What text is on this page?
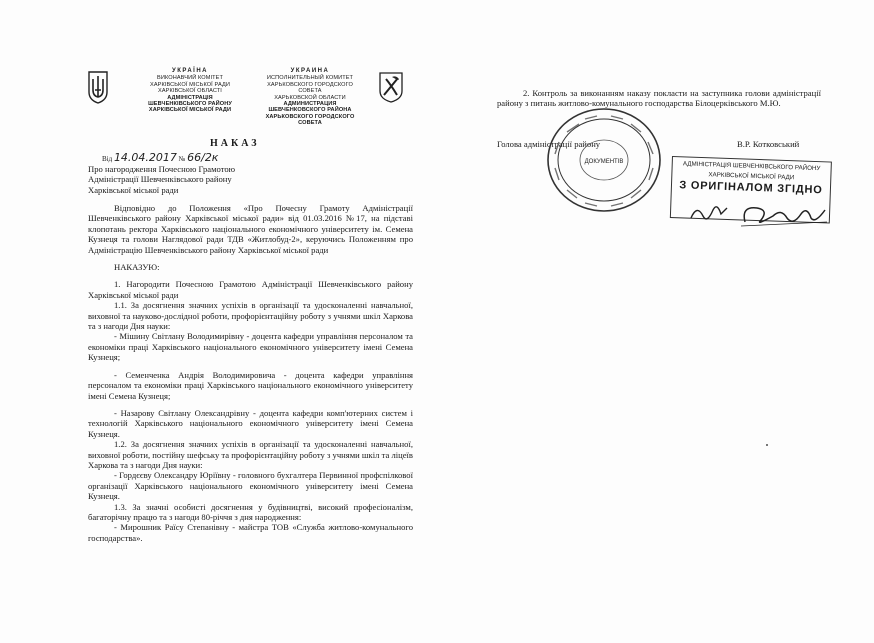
УКРАЇНА
ВИКОНАВЧИЙ КОМІТЕТ
ХАРКІВСЬКОЇ МІСЬКОЇ РАДИ
ХАРКІВСЬКОЇ ОБЛАСТІ
АДМІНІСТРАЦІЯ
ШЕВЧЕНКІВСЬКОГО РАЙОНУ
ХАРКІВСЬКОЇ МІСЬКОЇ РАДИ
УКРАИНА
ИСПОЛНИТЕЛЬНЫЙ КОМИТЕТ
ХАРЬКОВСКОГО ГОРОДСКОГО СОВЕТА
ХАРЬКОВСКОЙ ОБЛАСТИ
АДМИНИСТРАЦИЯ
ШЕВЧЕНКОВСКОГО РАЙОНА
ХАРЬКОВСКОГО ГОРОДСКОГО СОВЕТА
НАКАЗ
Від 14.04.2017 № 66/2к
Про нагородження Почесною Грамотою
Адміністрації Шевченківського району
Харківської міської ради

Відповідно до Положення «Про Почесну Грамоту Адміністрації Шевченківського району Харківської міської ради» від 01.03.2016 №17, на підставі клопотань ректора Харківського національного економічного університету ім. Семена Кузнеця та голови Наглядової ради ТДВ «Житлобуд-2», керуючись Положенням про Адміністрацію Шевченківського району Харківської міської ради

НАКАЗУЮ:

1. Нагородити Почесною Грамотою Адміністрації Шевченківського району Харківської міської ради

1.1. За досягнення значних успіхів в організації та удосконаленні навчальної, виховної та науково-дослідної роботи, профорієнтаційну роботу з учнями шкіл Харкова та з нагоди Дня науки:

- Мішину Світлану Володимирівну - доцента кафедри управління персоналом та економіки праці Харківського національного економічного університету імені Семена Кузнеця;

- Семенченка Андрія Володимировича - доцента кафедри управління персоналом та економіки праці Харківського національного економічного університету імені Семена Кузнеця;

- Назарову Світлану Олександрівну - доцента кафедри комп'ютерних систем і технологій Харківського національного економічного університету імені Семена Кузнеця.

1.2. За досягнення значних успіхів в організації та удосконаленні навчальної, виховної роботи, постійну шефську та профорієнтаційну роботу з учнями шкіл та ліцеїв Харкова та з нагоди Дня науки:

- Гордєєву Олександру Юріївну - головного бухгалтера Первинної профспілкової організації Харківського національного економічного університету імені Семена Кузнеця.

1.3. За значні особисті досягнення у будівництві, високий професіоналізм, багаторічну працю та з нагоди 80-річчя з дня народження:

- Мирошник Раїсу Степанівну - майстра ТОВ «Служба житлово-комунального господарства».

2. Контроль за виконанням наказу покласти на заступника голови адміністрації району з питань житлово-комунального господарства Білоцерківського М.Ю.

Голова адміністрації району	В.Р. Котковський
ДОКУМЕНТІВ	АДМІНІСТРАЦІЯ ШЕВЧЕНКІВСЬКОГО РАЙОНУ
ХАРКІВСЬКОЇ МІСЬКОЇ РАДИ
З ОРИГІНАЛОМ ЗГІДНО
